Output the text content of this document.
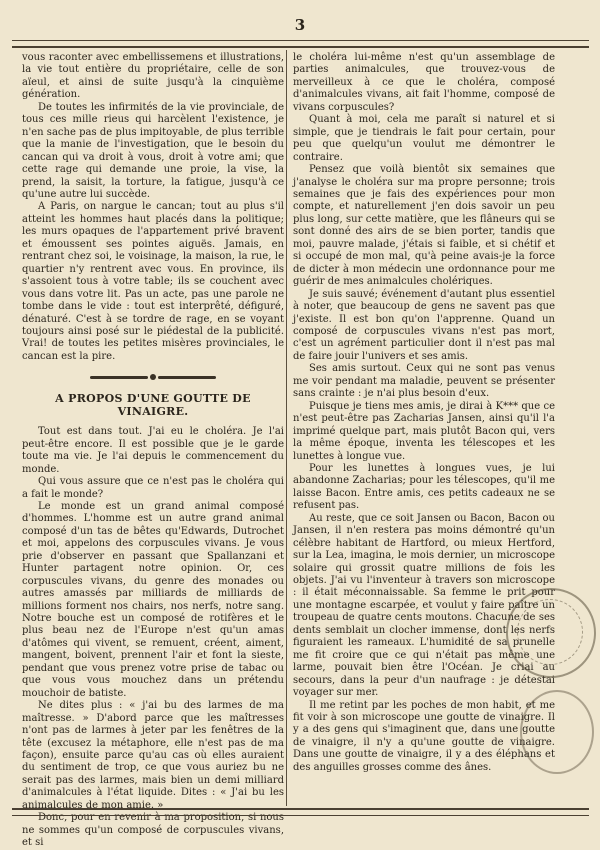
3

vous raconter avec embellissemens et illustrations, la vie tout entière du propriétaire, celle de son aïeul, et ainsi de suite jusqu'à la cinquième génération.

De toutes les infirmités de la vie provinciale, de tous ces mille rieus qui harcèlent l'existence, je n'en sache pas de plus impitoyable, de plus terrible que la manie de l'investigation, que le besoin du cancan qui va droit à vous, droit à votre ami; que cette rage qui demande une proie, la vise, la prend, la saisit, la torture, la fatigue, jusqu'à ce qu'une autre lui succède.

A Paris, on nargue le cancan; tout au plus s'il atteint les hommes haut placés dans la politique; les murs opaques de l'appartement privé bravent et émoussent ses pointes aiguës. Jamais, en rentrant chez soi, le voisinage, la maison, la rue, le quartier n'y rentrent avec vous. En province, ils s'assoient tous à votre table; ils se couchent avec vous dans votre lit. Pas un acte, pas une parole ne tombe dans le vide : tout est interprêté, défiguré, dénaturé. C'est à se tordre de rage, en se voyant toujours ainsi posé sur le piédestal de la publicité. Vrai! de toutes les petites misères provinciales, le cancan est la pire.

A PROPOS D'UNE GOUTTE DE VINAIGRE.

Tout est dans tout. J'ai eu le choléra. Je l'ai peut-être encore. Il est possible que je le garde toute ma vie. Je l'ai depuis le commencement du monde.

Qui vous assure que ce n'est pas le choléra qui a fait le monde?

Le monde est un grand animal composé d'hommes. L'homme est un autre grand animal composé d'un tas de bêtes qu'Edwards, Dutrochet et moi, appelons des corpuscules vivans. Je vous prie d'observer en passant que Spallanzani et Hunter partagent notre opinion. Or, ces corpuscules vivans, du genre des monades ou autres amassés par milliards de milliards de millions forment nos chairs, nos nerfs, notre sang. Notre bouche est un composé de rotifères et le plus beau nez de l'Europe n'est qu'un amas d'atômes qui vivent, se remuent, créent, aiment, mangent, boivent, prennent l'air et font la sieste, pendant que vous prenez votre prise de tabac ou que vous vous mouchez dans un prétendu mouchoir de batiste.

Ne dites plus : « j'ai bu des larmes de ma maîtresse. » D'abord parce que les maîtresses n'ont pas de larmes à jeter par les fenêtres de la tête (excusez la métaphore, elle n'est pas de ma façon), ensuite parce qu'au cas où elles auraient du sentiment de trop, ce que vous auriez bu ne serait pas des larmes, mais bien un demi milliard d'animalcules à l'état liquide. Dites : « J'ai bu les animalcules de mon amie. »

Donc, pour en revenir à ma proposition, si nous ne sommes qu'un composé de corpuscules vivans, et si

le choléra lui-même n'est qu'un assemblage de parties animalcules, que trouvez-vous de merveilleux à ce que le choléra, composé d'animalcules vivans, ait fait l'homme, composé de vivans corpuscules?

Quant à moi, cela me paraît si naturel et si simple, que je tiendrais le fait pour certain, pour peu que quelqu'un voulut me démontrer le contraire.

Pensez que voilà bientôt six semaines que j'analyse le choléra sur ma propre personne; trois semaines que je fais des expériences pour mon compte, et naturellement j'en dois savoir un peu plus long, sur cette matière, que les flâneurs qui se sont donné des airs de se bien porter, tandis que moi, pauvre malade, j'étais si faible, et si chétif et si occupé de mon mal, qu'à peine avais-je la force de dicter à mon médecin une ordonnance pour me guérir de mes animalcules cholériques.

Je suis sauvé; événement d'autant plus essentiel à noter, que beaucoup de gens ne savent pas que j'existe. Il est bon qu'on l'apprenne. Quand un composé de corpuscules vivans n'est pas mort, c'est un agrément particulier dont il n'est pas mal de faire jouir l'univers et ses amis.

Ses amis surtout. Ceux qui ne sont pas venus me voir pendant ma maladie, peuvent se présenter sans crainte : je n'ai plus besoin d'eux.

Puisque je tiens mes amis, je dirai à K*** que ce n'est peut-être pas Zacharias Jansen, ainsi qu'il l'a imprimé quelque part, mais plutôt Bacon qui, vers la même époque, inventa les télescopes et les lunettes à longue vue.

Pour les lunettes à longues vues, je lui abandonne Zacharias; pour les télescopes, qu'il me laisse Bacon. Entre amis, ces petits cadeaux ne se refusent pas.

Au reste, que ce soit Jansen ou Bacon, Bacon ou Jansen, il n'en restera pas moins démontré qu'un célèbre habitant de Hartford, ou mieux Hertford, sur la Lea, imagina, le mois dernier, un microscope solaire qui grossit quatre millions de fois les objets. J'ai vu l'inventeur à travers son microscope : il était méconnaissable. Sa femme le prit pour une montagne escarpée, et voulut y faire paître un troupeau de quatre cents moutons. Chacune de ses dents semblait un clocher immense, dont les nerfs figuraient les rameaux. L'humidité de sa prunelle me fit croire que ce qui n'était pas même une larme, pouvait bien être l'Océan. Je criai au secours, dans la peur d'un naufrage : je détestai voyager sur mer.

Il me retint par les poches de mon habit, et me fit voir à son microscope une goutte de vinaigre. Il y a des gens qui s'imaginent que, dans une goutte de vinaigre, il n'y a qu'une goutte de vinaigre. Dans une goutte de vinaigre, il y a des éléphans et des anguilles grosses comme des ânes.
